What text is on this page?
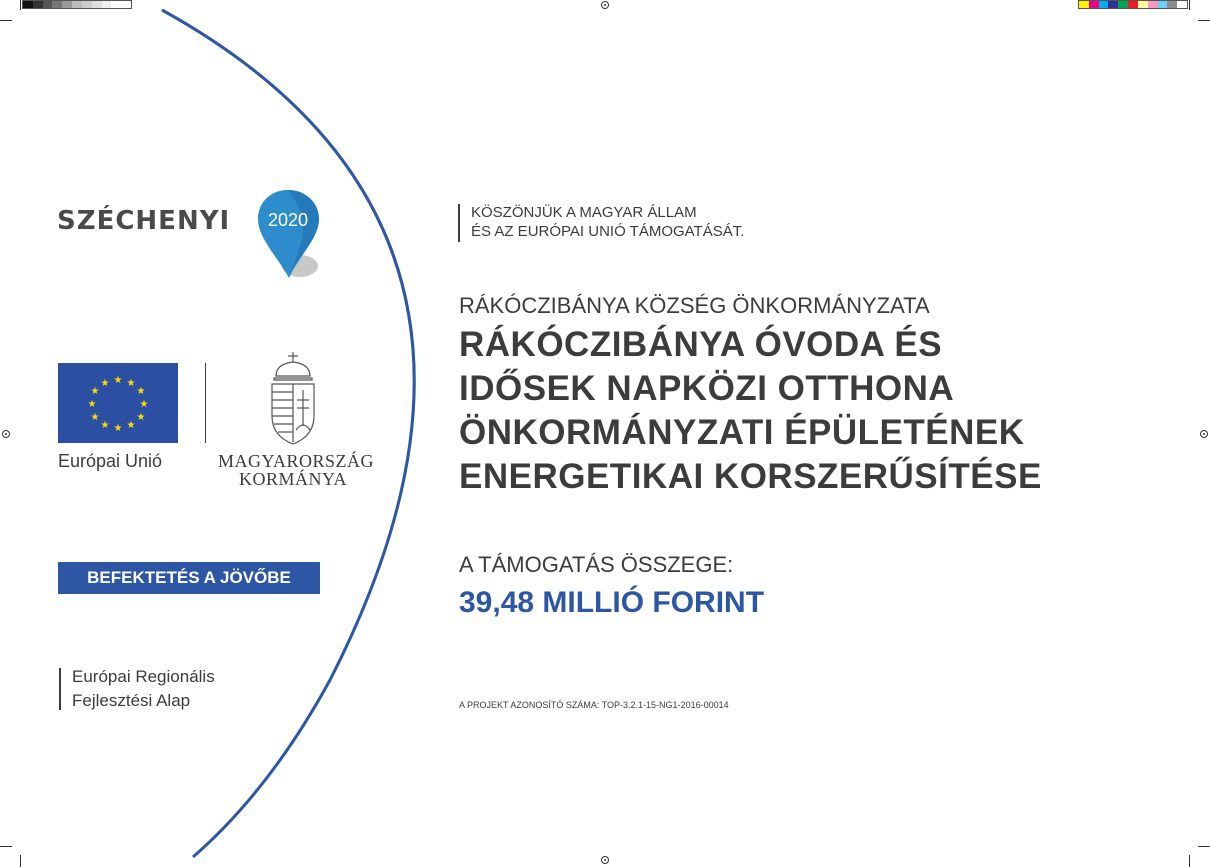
SZÉCHENYI 2020
★ ★
★
★
★
★
★
★
★
★
★
★
Európai Unió	MAGYARORSZÁG
KORMÁNYA
BEFEKTETÉS A JÖVŐBE
Európai Regionális
Fejlesztési Alap
KÖSZÖNJÜK A MAGYAR ÁLLAM
ÉS AZ EURÓPAI UNIÓ TÁMOGATÁSÁT.
RÁKÓCZIBÁNYA KÖZSÉG ÖNKORMÁNYZATA
RÁKÓCZIBÁNYA ÓVODA ÉS
IDŐSEK NAPKÖZI OTTHONA
ÖNKORMÁNYZATI ÉPÜLETÉNEK
ENERGETIKAI KORSZERŰSÍTÉSE
A TÁMOGATÁS ÖSSZEGE:
39,48 MILLIÓ FORINT
A PROJEKT AZONOSÍTÓ SZÁMA: TOP-3.2.1-15-NG1-2016-00014
